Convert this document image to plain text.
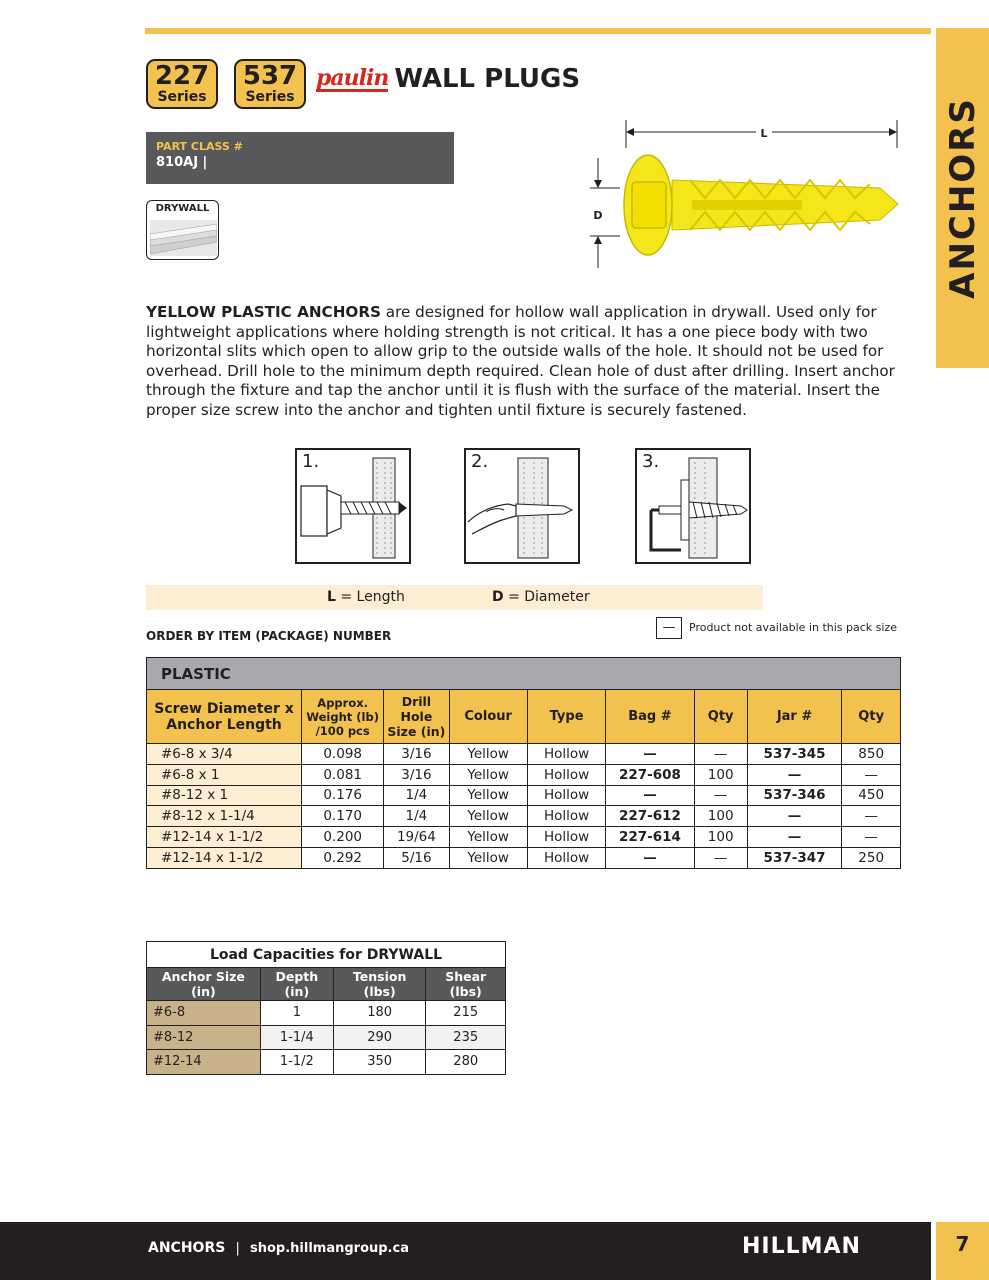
ANCHORS
227
Series
537
Series
paulin WALL PLUGS
PART CLASS #
810AJ |
DRYWALL
L
D
YELLOW PLASTIC ANCHORS are designed for hollow wall application in drywall. Used only for lightweight applications where holding strength is not critical. It has a one piece body with two horizontal slits which open to allow grip to the outside walls of the hole. It should not be used for overhead. Drill hole to the minimum depth required. Clean hole of dust after drilling. Insert anchor through the fixture and tap the anchor until it is flush with the surface of the material. Insert the proper size screw into the anchor and tighten until fixture is securely fastened.
1.	2.	3.
L = Length	D = Diameter
ORDER BY ITEM (PACKAGE) NUMBER
—	Product not available in this pack size
PLASTIC								
Screw Diameter x Anchor Length	Approx. Weight (lb) /100 pcs	Drill Hole Size (in)	Colour	Type	Bag #	Qty	Jar #	Qty
#6-8 x 3/4	0.098	3/16	Yellow	Hollow	—	—	537-345	850
#6-8 x 1	0.081	3/16	Yellow	Hollow	227-608	100	—	—
#8-12 x 1	0.176	1/4	Yellow	Hollow	—	—	537-346	450
#8-12 x 1-1/4	0.170	1/4	Yellow	Hollow	227-612	100	—	—
#12-14 x 1-1/2	0.200	19/64	Yellow	Hollow	227-614	100	—	—
#12-14 x 1-1/2	0.292	5/16	Yellow	Hollow	—	—	537-347	250
Load Capacities for DRYWALL			
Anchor Size (in)	Depth (in)	Tension (lbs)	Shear (lbs)
#6-8	1	180	215
#8-12	1-1/4	290	235
#12-14	1-1/2	350	280
ANCHORS | shop.hillmangroup.ca	HILLMAN	7
